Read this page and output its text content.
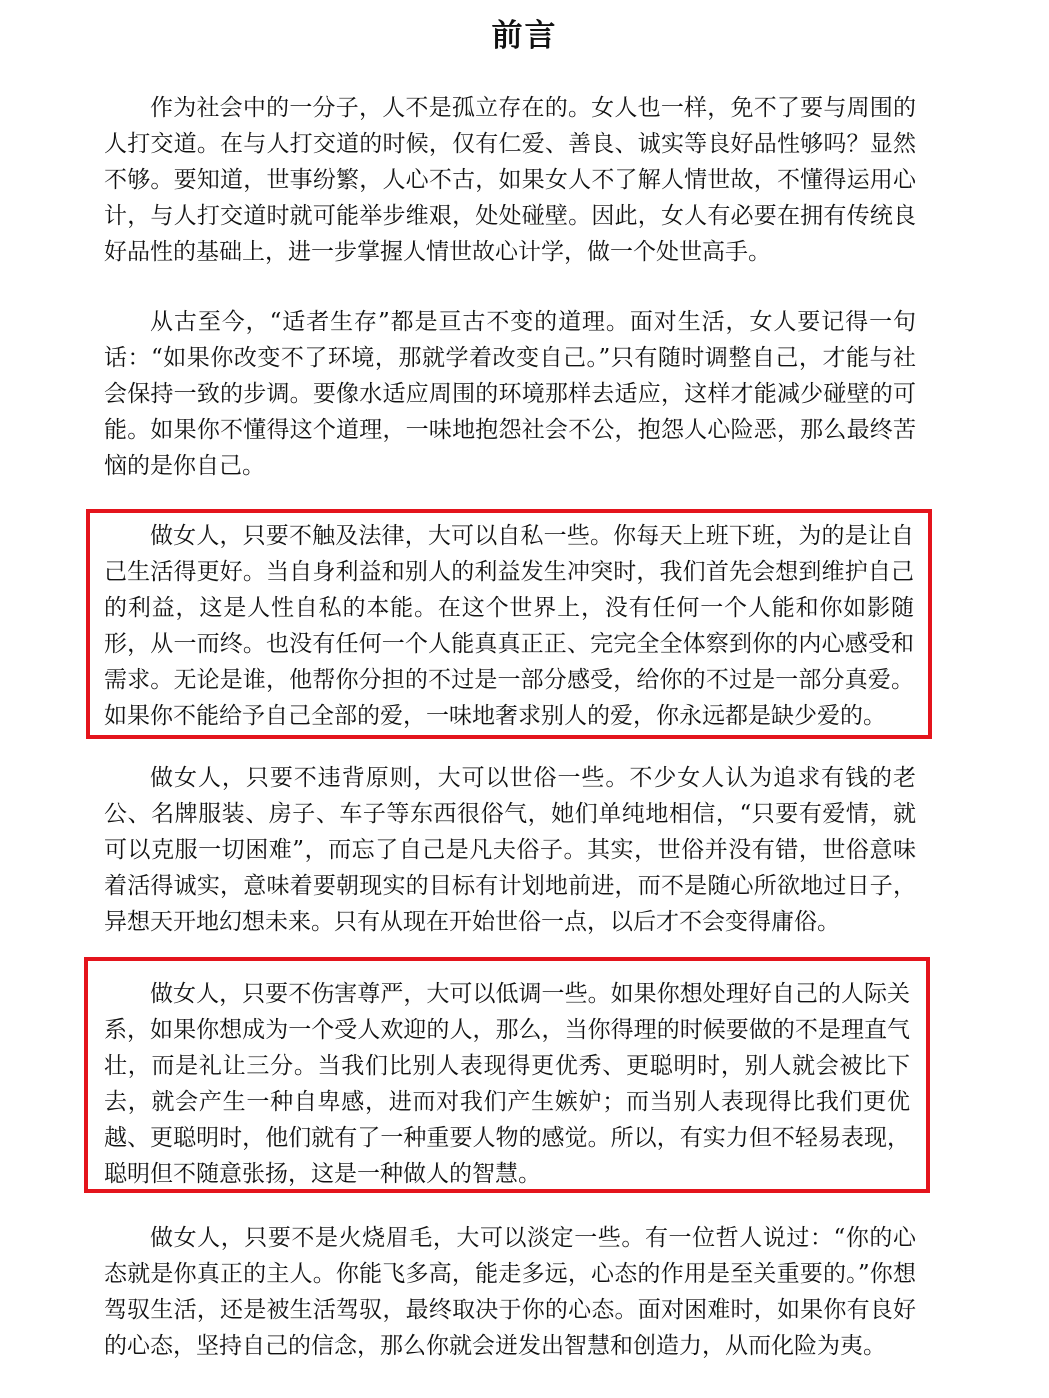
前言

作为社会中的一分子，人不是孤立存在的。女人也一样，免不了要与周围的人打交道。在与人打交道的时候，仅有仁爱、善良、诚实等良好品性够吗？显然不够。要知道，世事纷繁，人心不古，如果女人不了解人情世故，不懂得运用心计，与人打交道时就可能举步维艰，处处碰壁。因此，女人有必要在拥有传统良好品性的基础上，进一步掌握人情世故心计学，做一个处世高手。

从古至今，“适者生存”都是亘古不变的道理。面对生活，女人要记得一句话：“如果你改变不了环境，那就学着改变自己。”只有随时调整自己，才能与社会保持一致的步调。要像水适应周围的环境那样去适应，这样才能减少碰壁的可能。如果你不懂得这个道理，一味地抱怨社会不公，抱怨人心险恶，那么最终苦恼的是你自己。

做女人，只要不触及法律，大可以自私一些。你每天上班下班，为的是让自己生活得更好。当自身利益和别人的利益发生冲突时，我们首先会想到维护自己的利益，这是人性自私的本能。在这个世界上，没有任何一个人能和你如影随形，从一而终。也没有任何一个人能真真正正、完完全全体察到你的内心感受和需求。无论是谁，他帮你分担的不过是一部分感受，给你的不过是一部分真爱。如果你不能给予自己全部的爱，一味地奢求别人的爱，你永远都是缺少爱的。

做女人，只要不违背原则，大可以世俗一些。不少女人认为追求有钱的老公、名牌服装、房子、车子等东西很俗气，她们单纯地相信，“只要有爱情，就可以克服一切困难”，而忘了自己是凡夫俗子。其实，世俗并没有错，世俗意味着活得诚实，意味着要朝现实的目标有计划地前进，而不是随心所欲地过日子，异想天开地幻想未来。只有从现在开始世俗一点，以后才不会变得庸俗。

做女人，只要不伤害尊严，大可以低调一些。如果你想处理好自己的人际关系，如果你想成为一个受人欢迎的人，那么，当你得理的时候要做的不是理直气壮，而是礼让三分。当我们比别人表现得更优秀、更聪明时，别人就会被比下去，就会产生一种自卑感，进而对我们产生嫉妒；而当别人表现得比我们更优越、更聪明时，他们就有了一种重要人物的感觉。所以，有实力但不轻易表现，聪明但不随意张扬，这是一种做人的智慧。

做女人，只要不是火烧眉毛，大可以淡定一些。有一位哲人说过：“你的心态就是你真正的主人。你能飞多高，能走多远，心态的作用是至关重要的。”你想驾驭生活，还是被生活驾驭，最终取决于你的心态。面对困难时，如果你有良好的心态，坚持自己的信念，那么你就会迸发出智慧和创造力，从而化险为夷。
